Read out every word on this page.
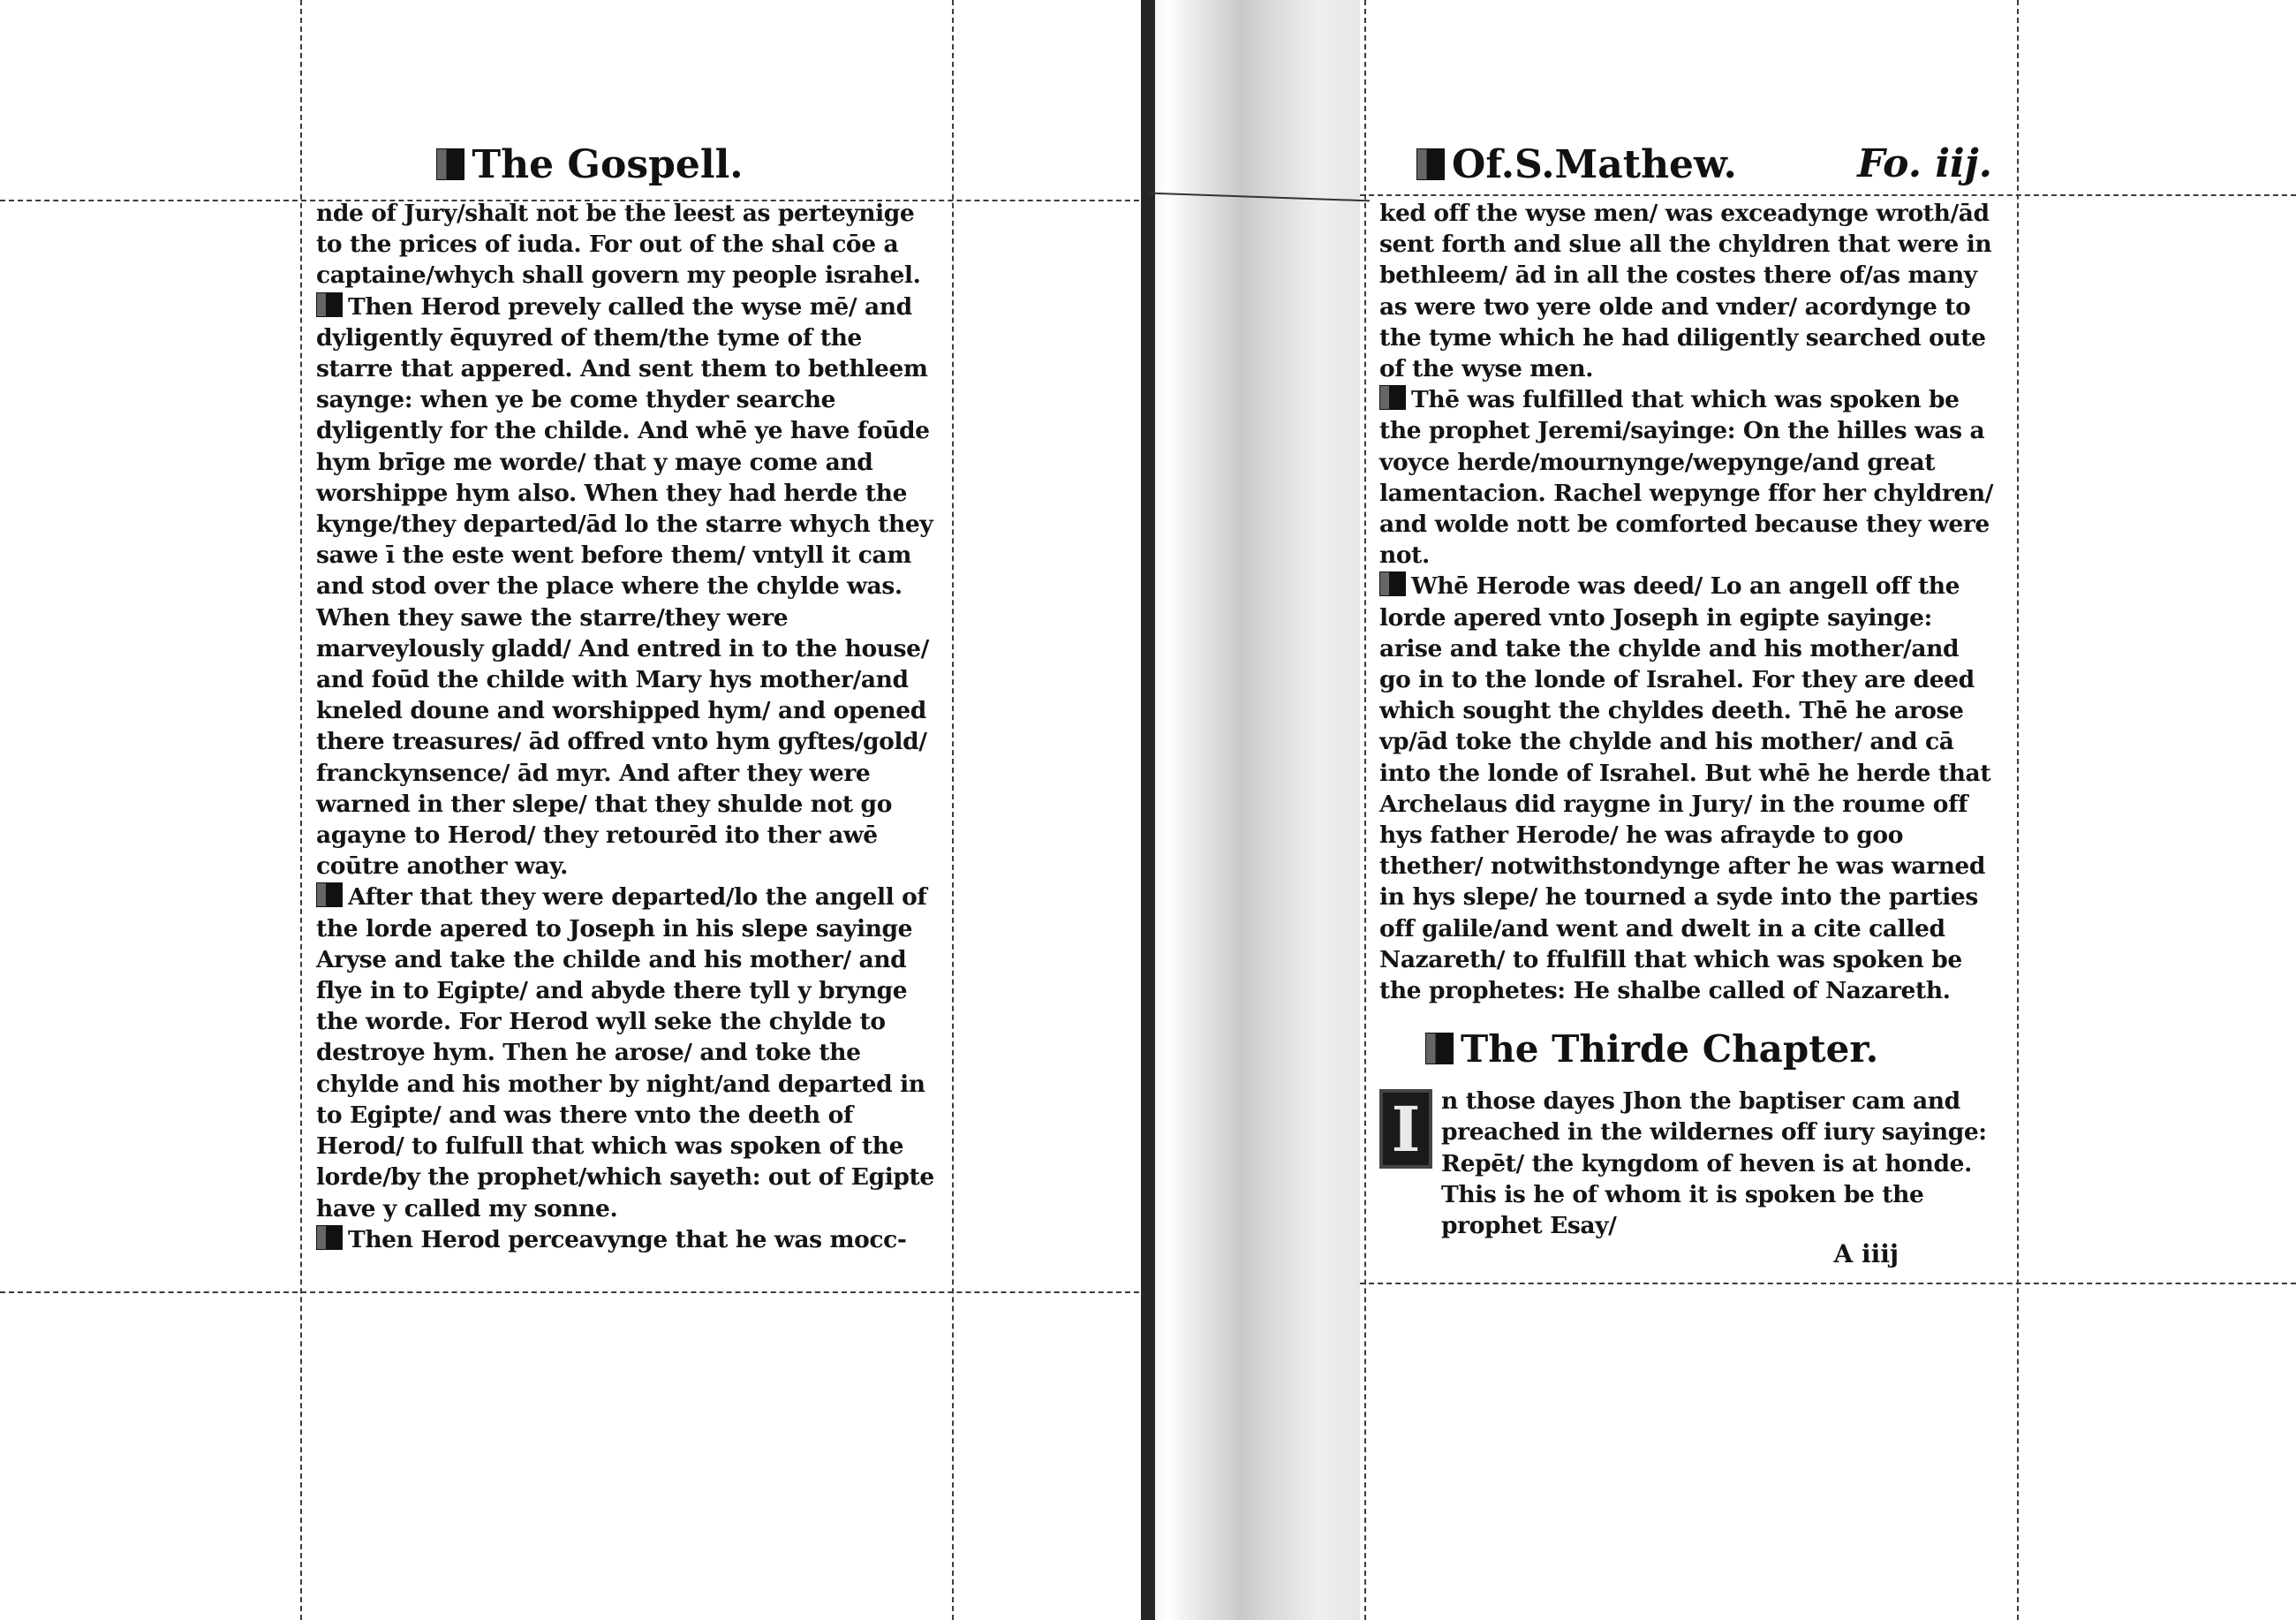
The Gospell.
nde of Jury/shalt not be the leest as perteynige to the prices of iuda. For out of the shal cōe a captaine/whych shall govern my people israhel.
Then Herod prevely called the wyse mē/ and dyligently ēquyred of them/the tyme of the starre that appered. And sent them to bethleem saynge: when ye be come thyder searche dyligently for the childe. And whē ye have foūde hym brīge me worde/ that y maye come and worshippe hym also. When they had herde the kynge/they departed/ād lo the starre whych they sawe ī the este went before them/ vntyll it cam and stod over the place where the chylde was. When they sawe the starre/they were marveylously gladd/ And entred in to the house/ and foūd the childe with Mary hys mother/and kneled doune and worshipped hym/ and opened there treasures/ ād offred vnto hym gyftes/gold/ franckynsence/ ād myr. And after they were warned in ther slepe/ that they shulde not go agayne to Herod/ they retourēd ito ther awē coūtre another way.
After that they were departed/lo the angell of the lorde apered to Joseph in his slepe sayinge Aryse and take the childe and his mother/ and flye in to Egipte/ and abyde there tyll y brynge the worde. For Herod wyll seke the chylde to destroye hym. Then he arose/ and toke the chylde and his mother by night/and departed in to Egipte/ and was there vnto the deeth of Herod/ to fulfull that which was spoken of the lorde/by the prophet/which sayeth: out of Egipte have y called my sonne.
Then Herod perceavynge that he was mocc-
Of.S.Mathew.	Fo. iij.
ked off the wyse men/ was exceadynge wroth/ād sent forth and slue all the chyldren that were in bethleem/ ād in all the costes there of/as many as were two yere olde and vnder/ acordynge to the tyme which he had diligently searched oute of the wyse men.
Thē was fulfilled that which was spoken be the prophet Jeremi/sayinge: On the hilles was a voyce herde/mournynge/wepynge/and great lamentacion. Rachel wepynge ffor her chyldren/ and wolde nott be comforted because they were not.
Whē Herode was deed/ Lo an angell off the lorde apered vnto Joseph in egipte sayinge: arise and take the chylde and his mother/and go in to the londe of Israhel. For they are deed which sought the chyldes deeth. Thē he arose vp/ād toke the chylde and his mother/ and cā into the londe of Israhel. But whē he herde that Archelaus did raygne in Jury/ in the roume off hys father Herode/ he was afrayde to goo thether/ notwithstondynge after he was warned in hys slepe/ he tourned a syde into the parties off galile/and went and dwelt in a cite called Nazareth/ to ffulfill that which was spoken be the prophetes: He shalbe called of Nazareth.
The Thirde Chapter.
I n those dayes Jhon the baptiser cam and preached in the wildernes off iury sayinge: Repēt/ the kyngdom of heven is at honde. This is he of whom it is spoken be the prophet Esay/
A iiij
